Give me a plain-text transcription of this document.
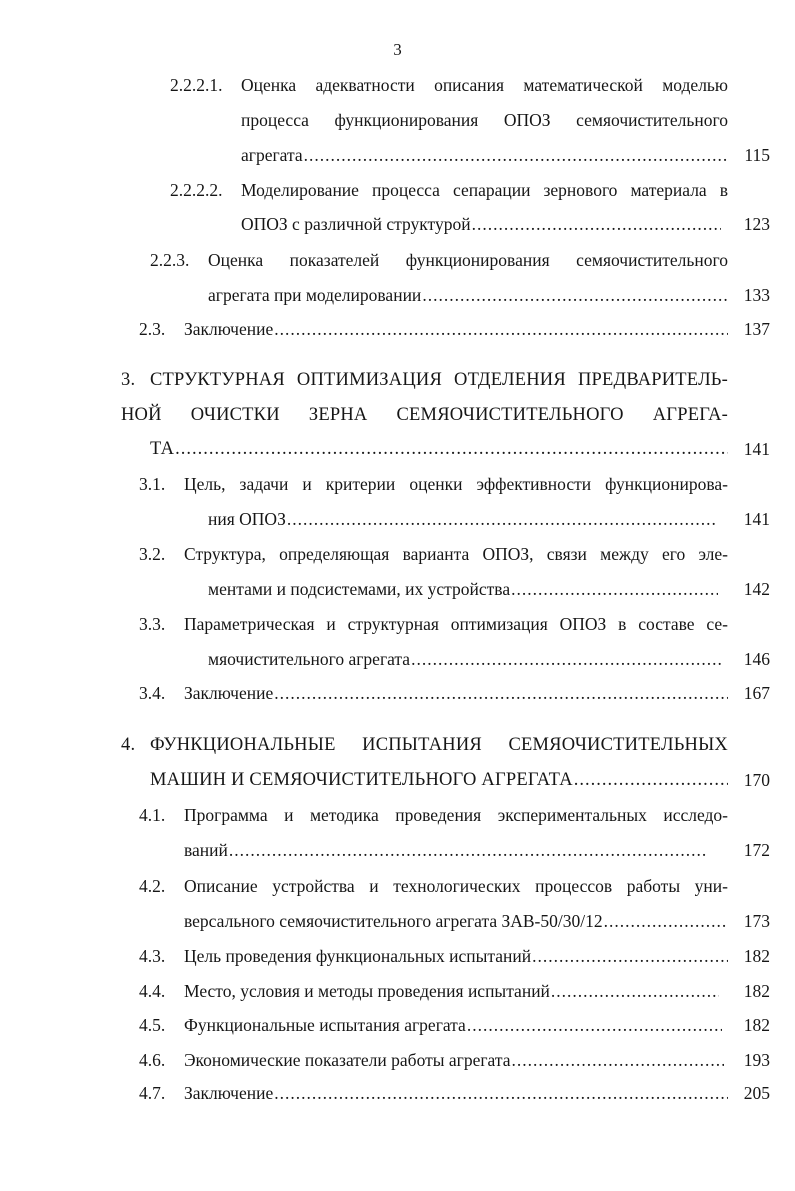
3
2.2.2.1. Оценка адекватности описания математической моделью
процесса функционирования ОПОЗ семяочистительного
агрегата .....	115
2.2.2.2. Моделирование процесса сепарации зернового материала в
ОПОЗ с различной структурой .....	123
2.2.3. Оценка показателей функционирования семяочистительного
агрегата при моделировании .....	133
2.3. Заключение .....	137
3. СТРУКТУРНАЯ ОПТИМИЗАЦИЯ ОТДЕЛЕНИЯ ПРЕДВАРИТЕЛЬ-
НОЙ ОЧИСТКИ ЗЕРНА СЕМЯОЧИСТИТЕЛЬНОГО АГРЕГА-
ТА .....	141
3.1. Цель, задачи и критерии оценки эффективности функционирова-
ния ОПОЗ .....	141
3.2. Структура, определяющая варианта ОПОЗ, связи между его эле-
ментами и подсистемами, их устройства .....	142
3.3. Параметрическая и структурная оптимизация ОПОЗ в составе се-
мяочистительного агрегата .....	146
3.4. Заключение .....	167
4. ФУНКЦИОНАЛЬНЫЕ ИСПЫТАНИЯ СЕМЯОЧИСТИТЕЛЬНЫХ
МАШИН И СЕМЯОЧИСТИТЕЛЬНОГО АГРЕГАТА .....	170
4.1. Программа и методика проведения экспериментальных исследо-
ваний .....	172
4.2. Описание устройства и технологических процессов работы уни-
версального семяочистительного агрегата ЗАВ-50/30/12 .....	173
4.3. Цель проведения функциональных испытаний .....	182
4.4. Место, условия и методы проведения испытаний .....	182
4.5. Функциональные испытания агрегата .....	182
4.6. Экономические показатели работы агрегата .....	193
4.7. Заключение .....	205
